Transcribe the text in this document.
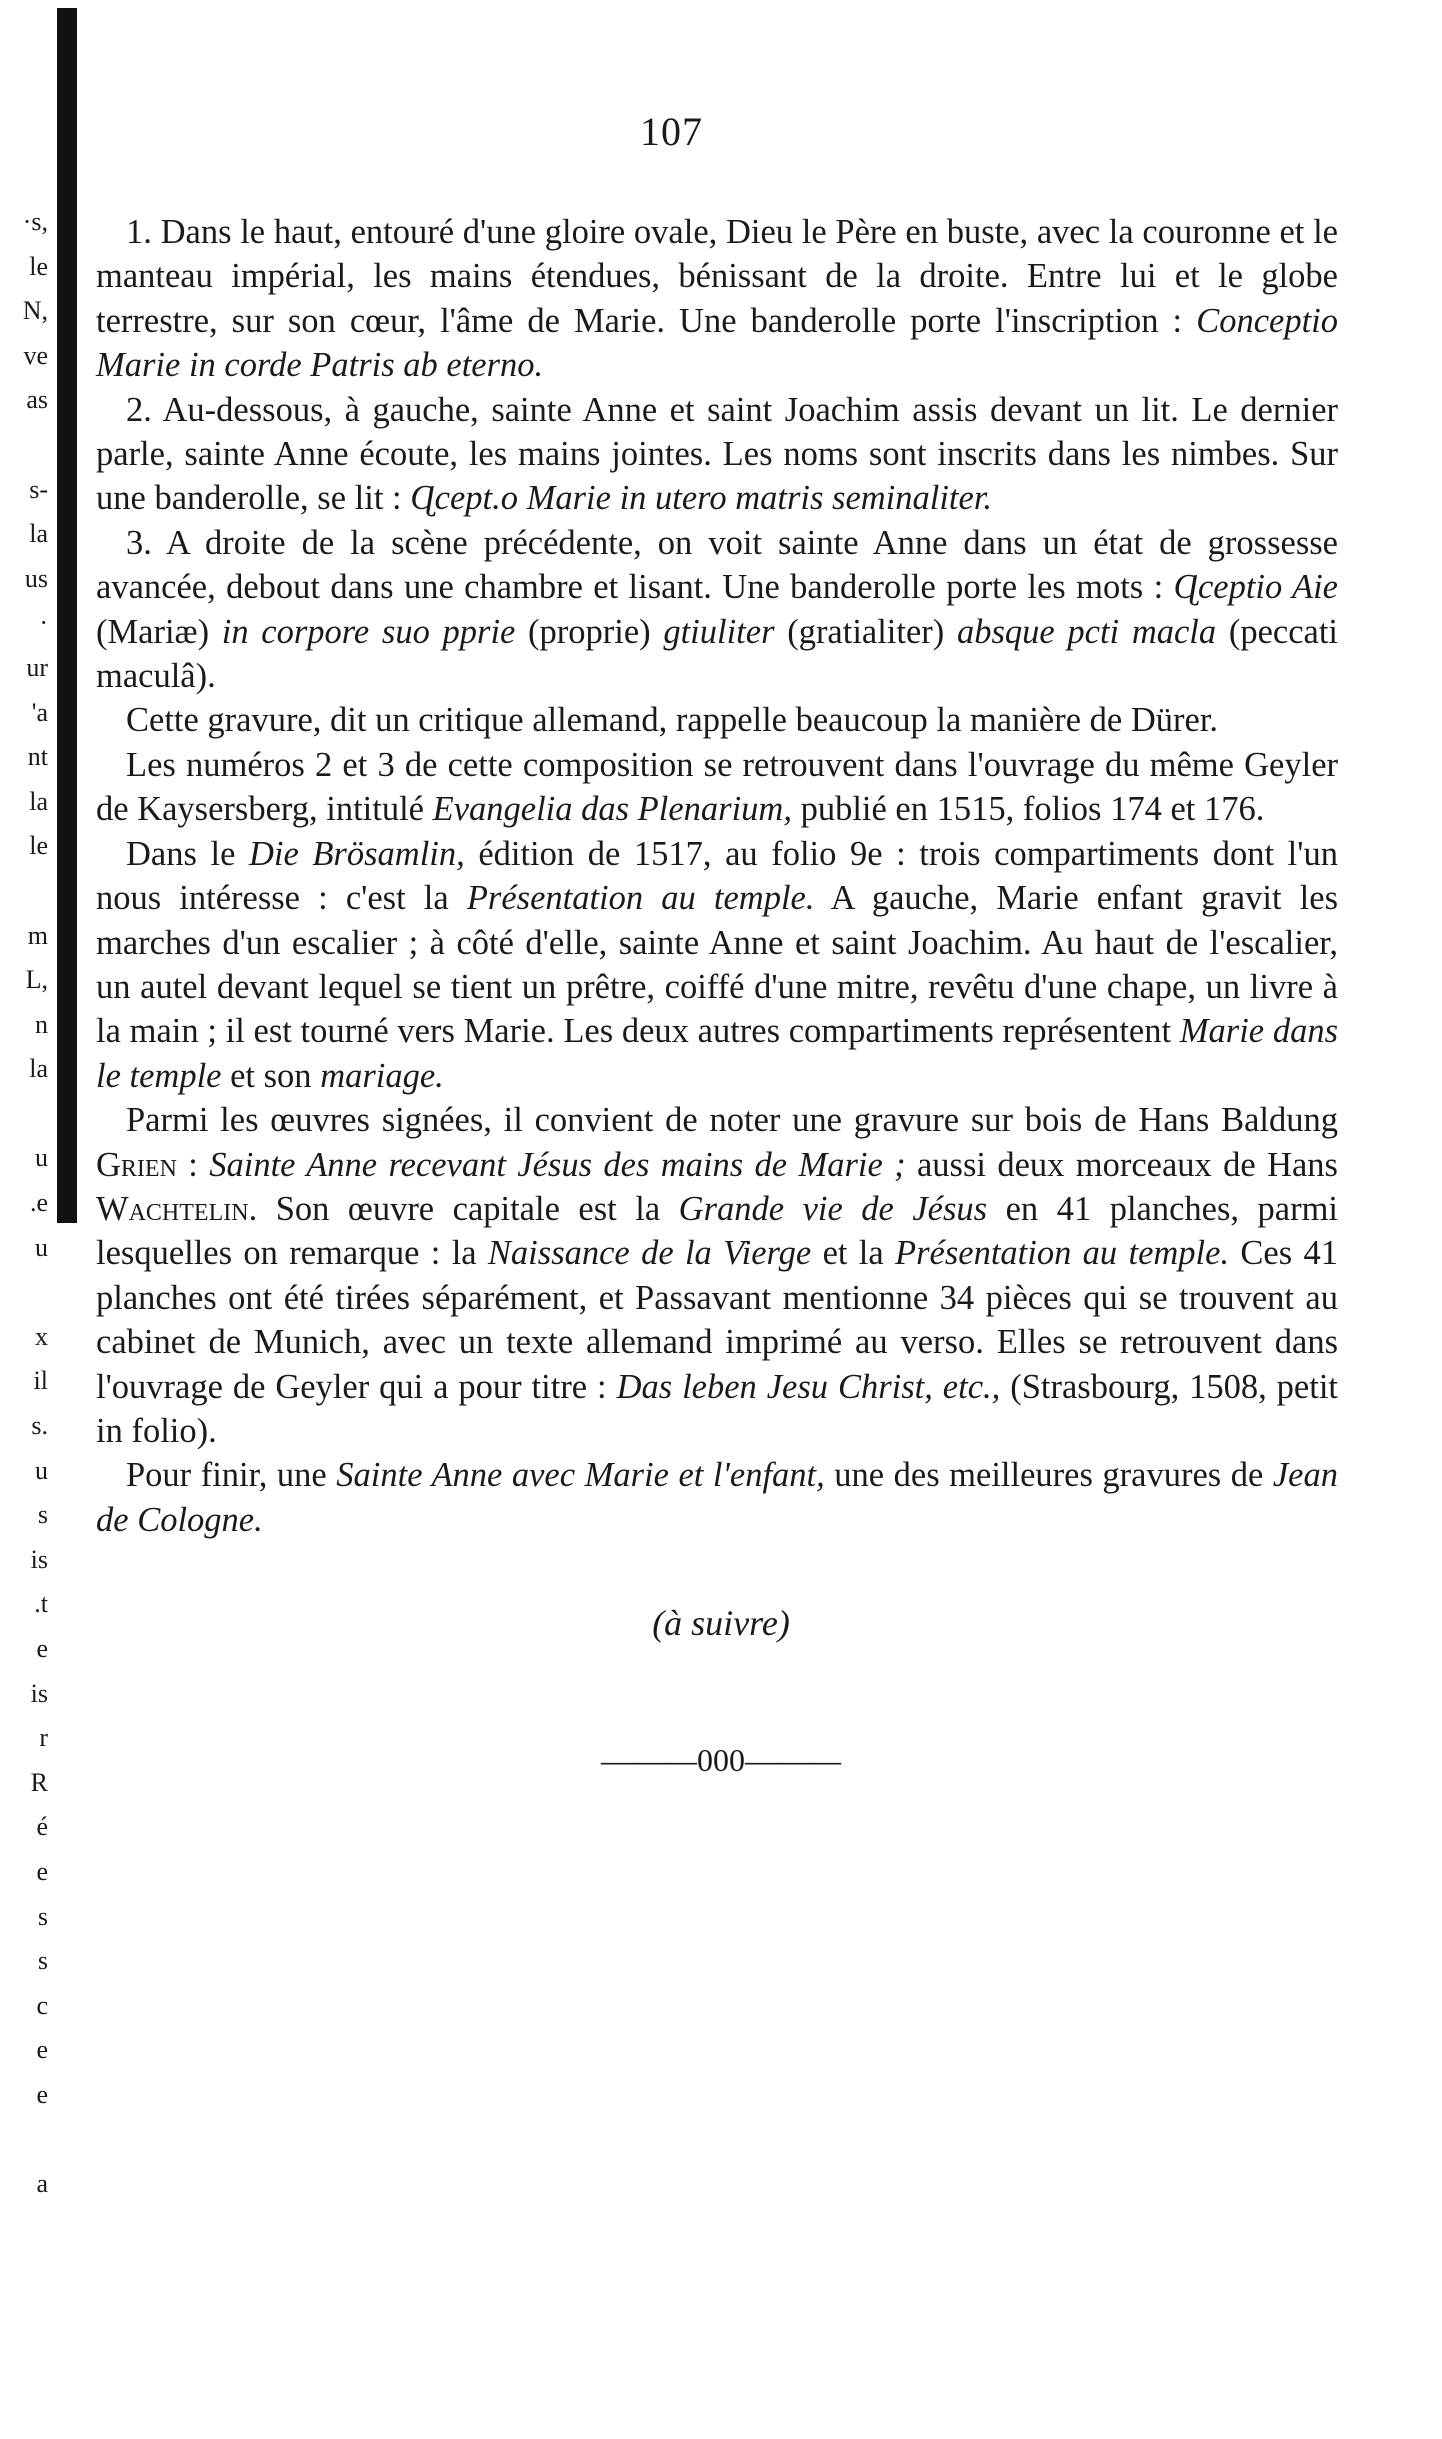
·s,
le
N,
ve
as
s-
la
us
·
ur
'a
nt
la
le
m
L,
n
la
u
.e
u
x
il
s.
u
s
is
.t
e
is
r
R
é
e
s
s
c
e
e
a
107

1. Dans le haut, entouré d'une gloire ovale, Dieu le Père en buste, avec la couronne et le manteau impérial, les mains étendues, bénissant de la droite. Entre lui et le globe terrestre, sur son cœur, l'âme de Marie. Une banderolle porte l'inscription : Conceptio Marie in corde Patris ab eterno.

2. Au-dessous, à gauche, sainte Anne et saint Joachim assis devant un lit. Le dernier parle, sainte Anne écoute, les mains jointes. Les noms sont inscrits dans les nimbes. Sur une banderolle, se lit : Ɋcept.o Marie in utero matris seminaliter.

3. A droite de la scène précédente, on voit sainte Anne dans un état de grossesse avancée, debout dans une chambre et lisant. Une banderolle porte les mots : Ɋceptio Aie (Mariæ) in corpore suo pprie (proprie) gtiuliter (gratialiter) absque pcti macla (peccati maculâ).

Cette gravure, dit un critique allemand, rappelle beaucoup la manière de Dürer.

Les numéros 2 et 3 de cette composition se retrouvent dans l'ouvrage du même Geyler de Kaysersberg, intitulé Evangelia das Plenarium, publié en 1515, folios 174 et 176.

Dans le Die Brösamlin, édition de 1517, au folio 9e : trois compartiments dont l'un nous intéresse : c'est la Présentation au temple. A gauche, Marie enfant gravit les marches d'un escalier ; à côté d'elle, sainte Anne et saint Joachim. Au haut de l'escalier, un autel devant lequel se tient un prêtre, coiffé d'une mitre, revêtu d'une chape, un livre à la main ; il est tourné vers Marie. Les deux autres compartiments représentent Marie dans le temple et son mariage.

Parmi les œuvres signées, il convient de noter une gravure sur bois de Hans Baldung Grien : Sainte Anne recevant Jésus des mains de Marie ; aussi deux morceaux de Hans Wachtelin. Son œuvre capitale est la Grande vie de Jésus en 41 planches, parmi lesquelles on remarque : la Naissance de la Vierge et la Présentation au temple. Ces 41 planches ont été tirées séparément, et Passavant mentionne 34 pièces qui se trouvent au cabinet de Munich, avec un texte allemand imprimé au verso. Elles se retrouvent dans l'ouvrage de Geyler qui a pour titre : Das leben Jesu Christ, etc., (Strasbourg, 1508, petit in folio).

Pour finir, une Sainte Anne avec Marie et l'enfant, une des meilleures gravures de Jean de Cologne.

(à suivre)
———000———
